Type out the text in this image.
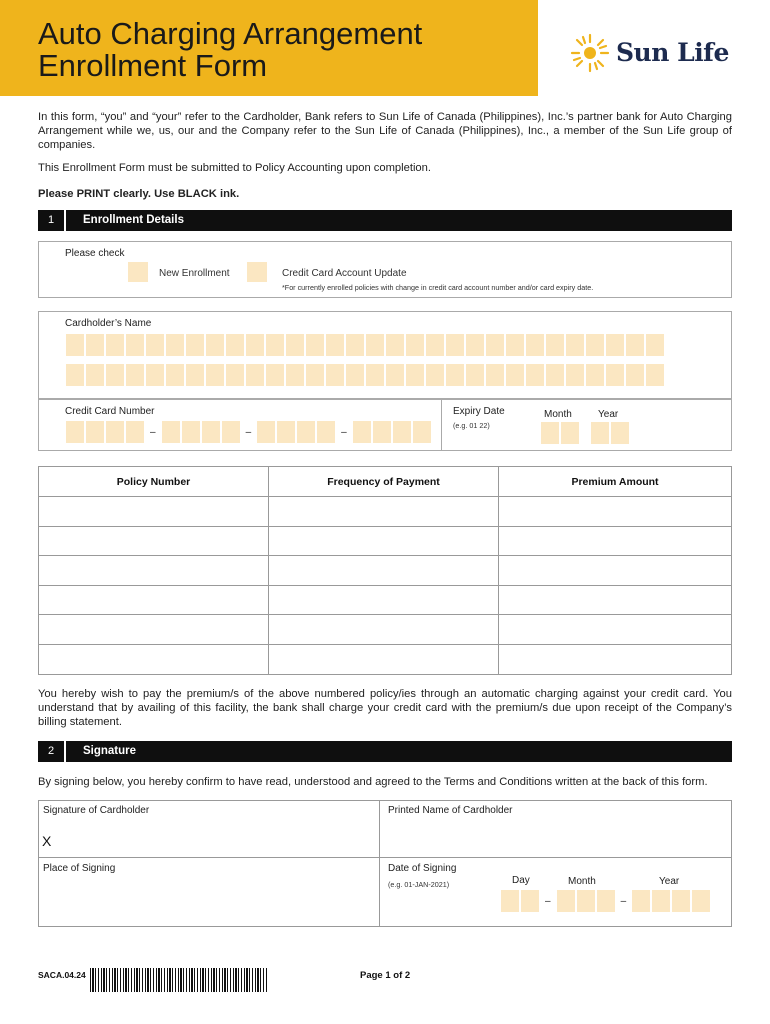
Auto Charging Arrangement
Enrollment Form	Sun Life
In this form, “you” and “your” refer to the Cardholder, Bank refers to Sun Life of Canada (Philippines), Inc.’s partner bank for Auto Charging Arrangement while we, us, our and the Company refer to the Sun Life of Canada (Philippines), Inc., a member of the Sun Life group of companies.
This Enrollment Form must be submitted to Policy Accounting upon completion.
Please PRINT clearly. Use BLACK ink.
1	Enrollment Details
Please check
New Enrollment	Credit Card Account Update
*For currently enrolled policies with change in credit card account number and/or card expiry date.
Cardholder’s Name
Credit Card Number
–	–	–
Expiry Date
(e.g. 01 22)
Month	Year
Policy Number	Frequency of Payment	Premium Amount

You hereby wish to pay the premium/s of the above numbered policy/ies through an automatic charging against your credit card. You understand that by availing of this facility, the bank shall charge your credit card with the premium/s due upon receipt of the Company’s billing statement.
2	Signature
By signing below, you hereby confirm to have read, understood and agreed to the Terms and Conditions written at the back of this form.
Signature of Cardholder
X
Printed Name of Cardholder
Place of Signing	Date of Signing
(e.g. 01-JAN-2021)	Day	Month	Year
–	–
SACA.04.24	Page 1 of 2
